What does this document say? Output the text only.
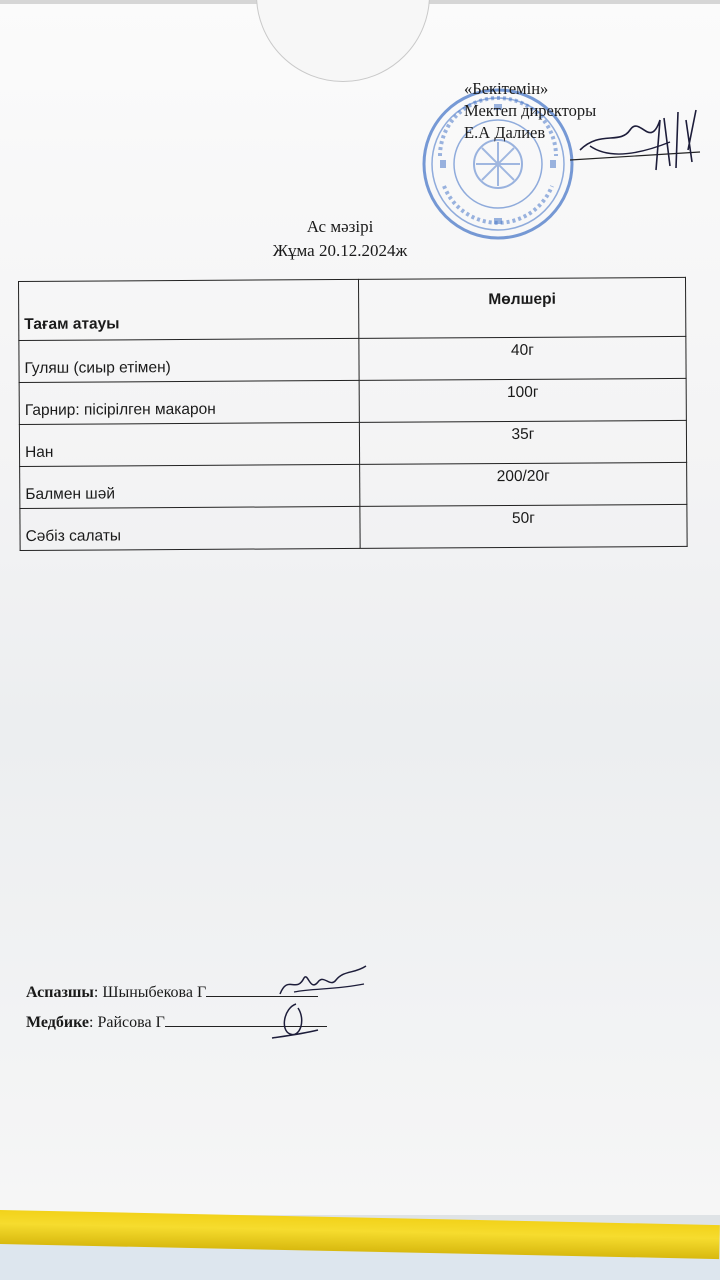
«Бекітемін»
Мектеп директоры
Е.А Далиев
Ас мәзірі
Жұма 20.12.2024ж
Тағам атауы	Мөлшері
Гуляш (сиыр етімен)	40г
Гарнир: пісірілген макарон	100г
Нан	35г
Балмен шәй	200/20г
Сәбіз салаты	50г
Аспазшы: Шыныбекова Г
Медбике: Райсова Г
